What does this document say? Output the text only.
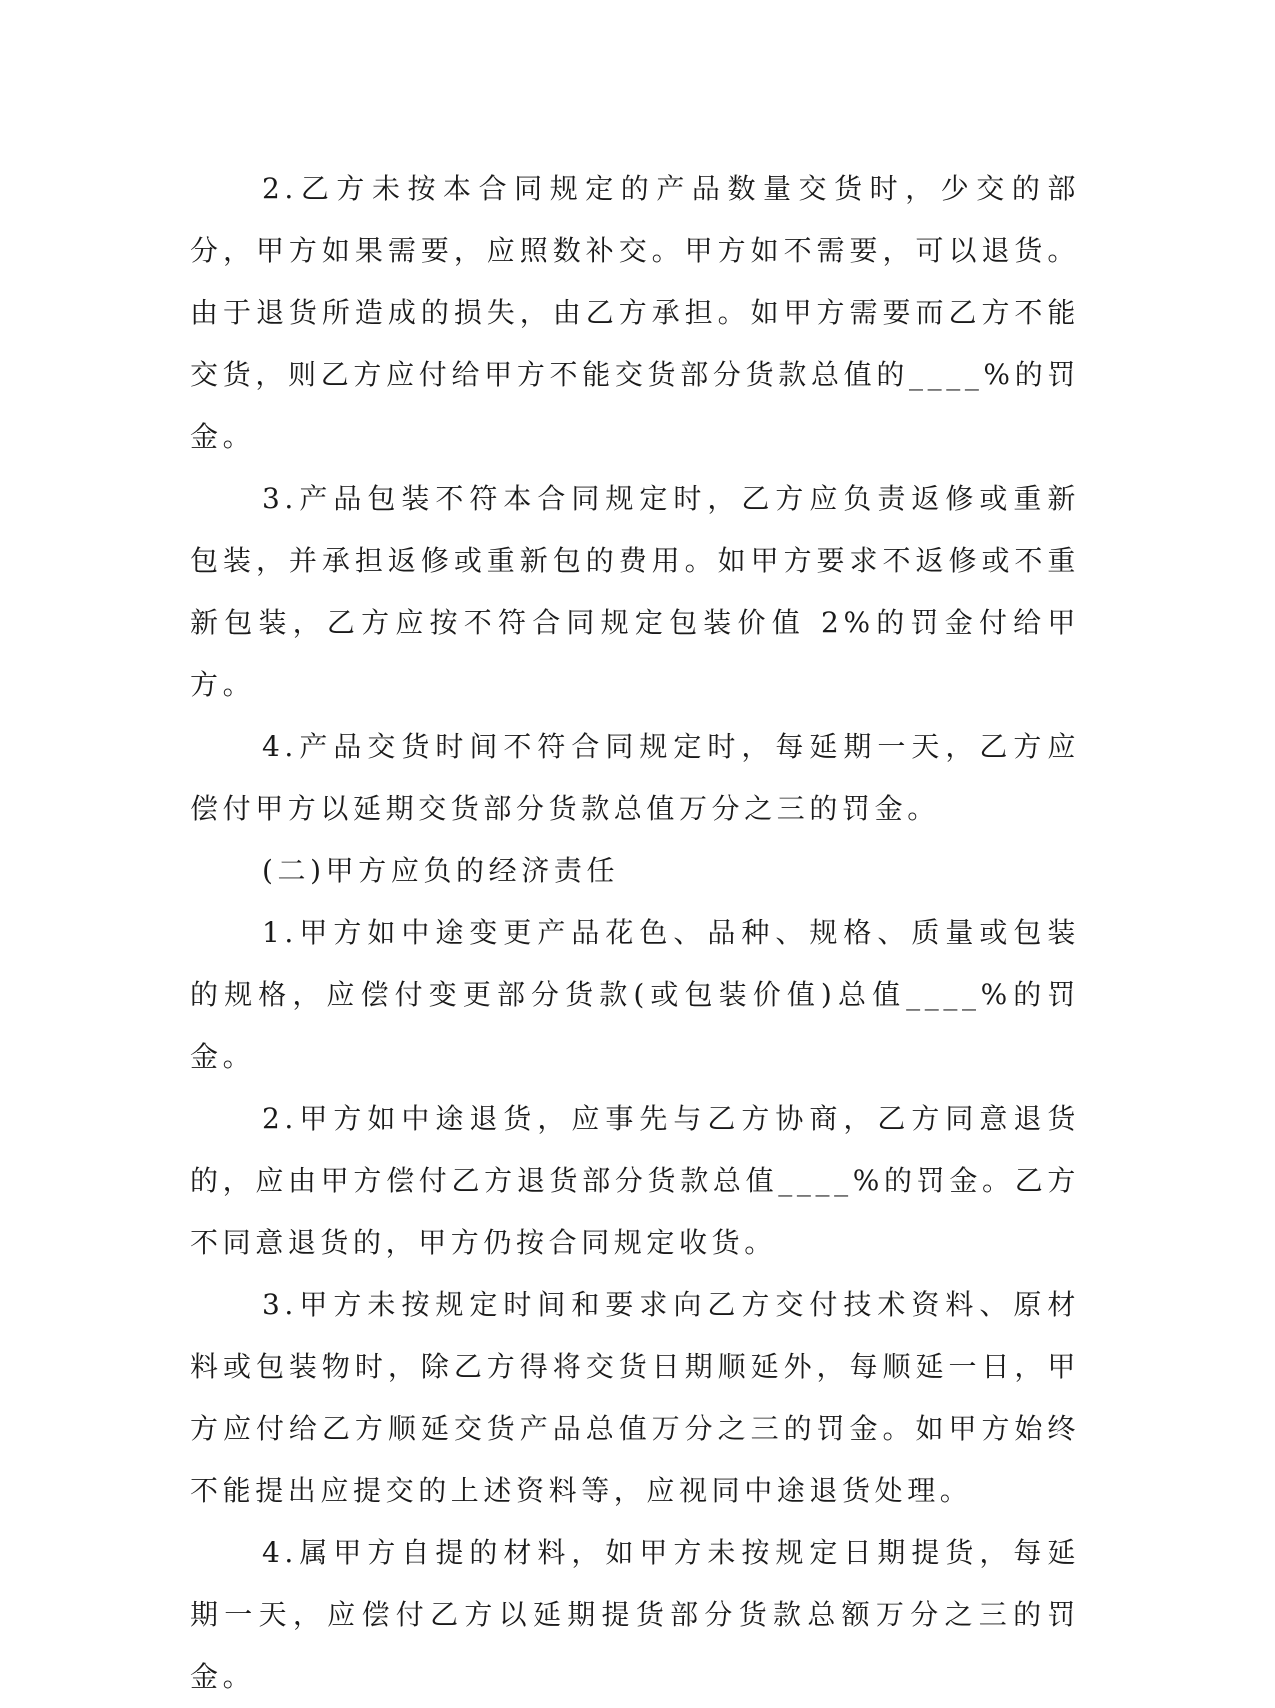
2.乙方未按本合同规定的产品数量交货时，少交的部分，甲方如果需要，应照数补交。甲方如不需要，可以退货。由于退货所造成的损失，由乙方承担。如甲方需要而乙方不能交货，则乙方应付给甲方不能交货部分货款总值的____%的罚金。

3.产品包装不符本合同规定时，乙方应负责返修或重新包装，并承担返修或重新包的费用。如甲方要求不返修或不重新包装，乙方应按不符合同规定包装价值 2%的罚金付给甲方。

4.产品交货时间不符合同规定时，每延期一天，乙方应偿付甲方以延期交货部分货款总值万分之三的罚金。

(二)甲方应负的经济责任

1.甲方如中途变更产品花色、品种、规格、质量或包装的规格，应偿付变更部分货款(或包装价值)总值____%的罚金。

2.甲方如中途退货，应事先与乙方协商，乙方同意退货的，应由甲方偿付乙方退货部分货款总值____%的罚金。乙方不同意退货的，甲方仍按合同规定收货。

3.甲方未按规定时间和要求向乙方交付技术资料、原材料或包装物时，除乙方得将交货日期顺延外，每顺延一日，甲方应付给乙方顺延交货产品总值万分之三的罚金。如甲方始终不能提出应提交的上述资料等，应视同中途退货处理。

4.属甲方自提的材料，如甲方未按规定日期提货，每延期一天，应偿付乙方以延期提货部分货款总额万分之三的罚金。
